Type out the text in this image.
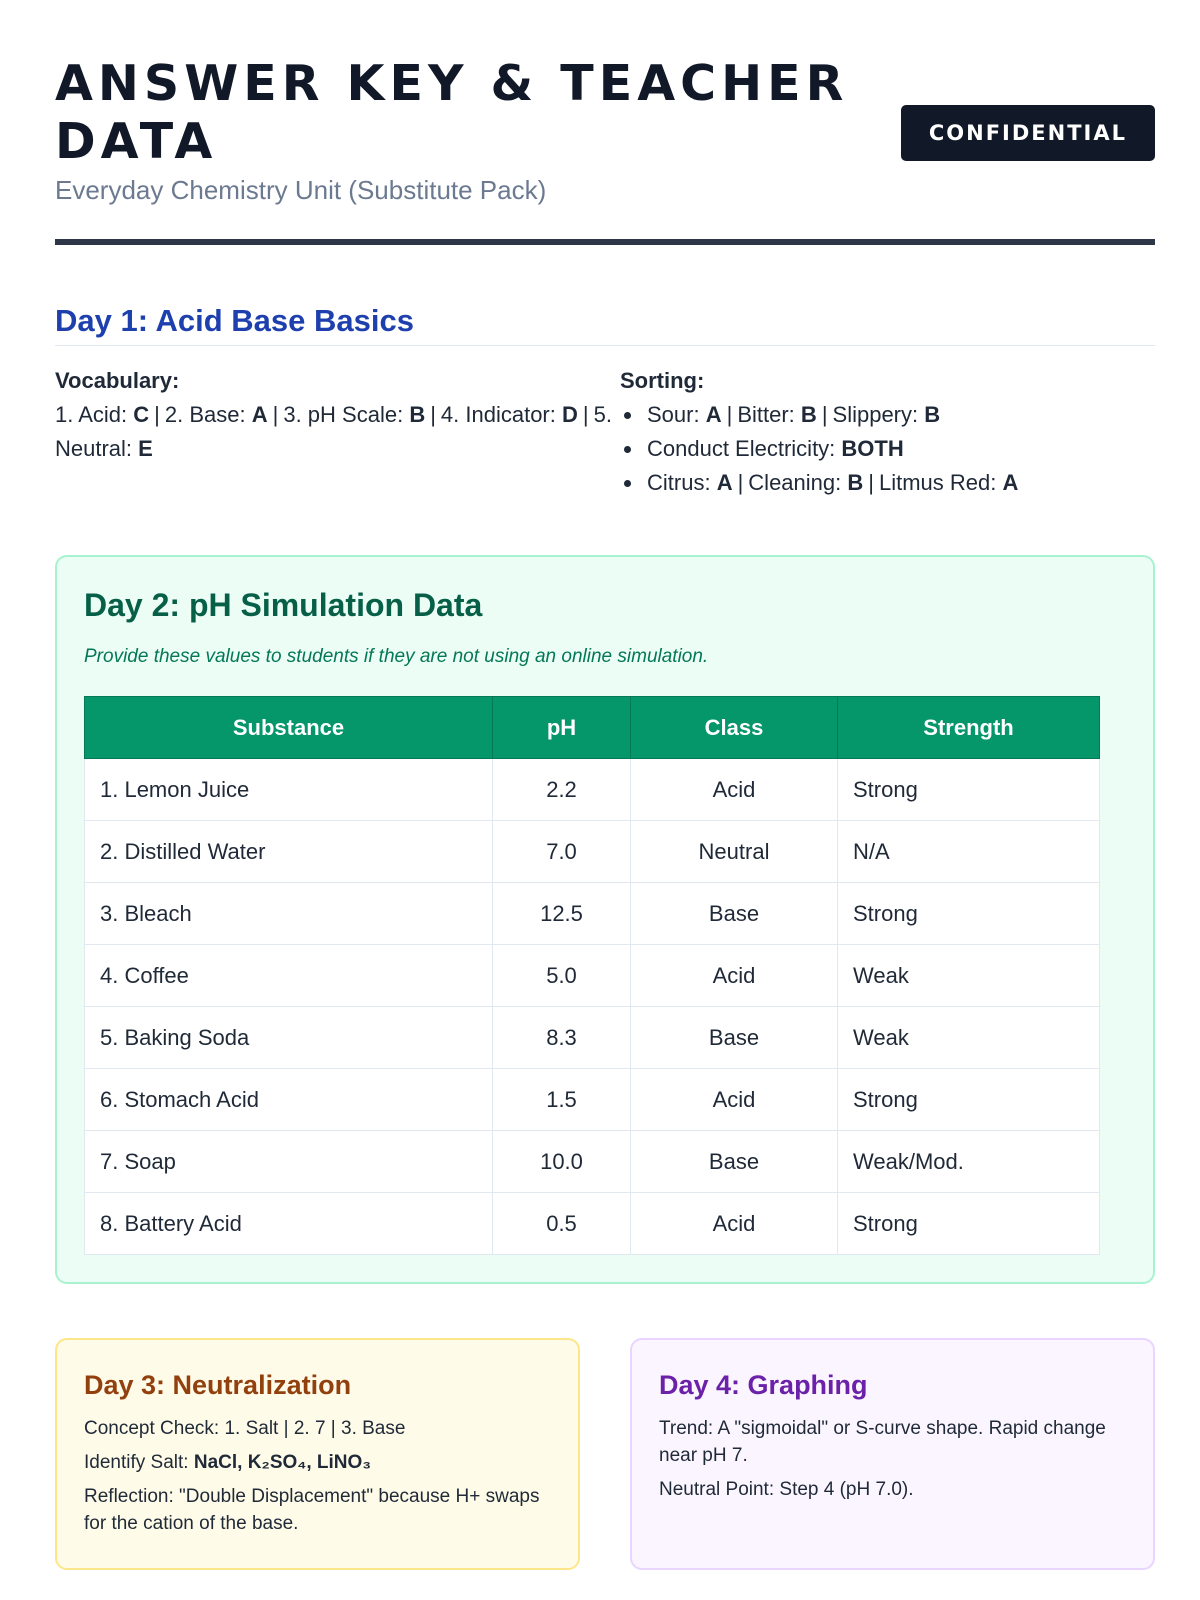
ANSWER KEY & TEACHER DATA
Everyday Chemistry Unit (Substitute Pack)
CONFIDENTIAL
Day 1: Acid Base Basics
Vocabulary:
1. Acid: C | 2. Base: A | 3. pH Scale: B | 4. Indicator: D | 5. Neutral: E
Sorting:
Sour: A | Bitter: B | Slippery: B
Conduct Electricity: BOTH
Citrus: A | Cleaning: B | Litmus Red: A
Day 2: pH Simulation Data
Provide these values to students if they are not using an online simulation.
Substance	pH	Class	Strength
1. Lemon Juice	2.2	Acid	Strong
2. Distilled Water	7.0	Neutral	N/A
3. Bleach	12.5	Base	Strong
4. Coffee	5.0	Acid	Weak
5. Baking Soda	8.3	Base	Weak
6. Stomach Acid	1.5	Acid	Strong
7. Soap	10.0	Base	Weak/Mod.
8. Battery Acid	0.5	Acid	Strong
Day 3: Neutralization

Concept Check: 1. Salt | 2. 7 | 3. Base

Identify Salt: NaCl, K₂SO₄, LiNO₃

Reflection: "Double Displacement" because H+ swaps for the cation of the base.

Day 4: Graphing

Trend: A "sigmoidal" or S-curve shape. Rapid change near pH 7.

Neutral Point: Step 4 (pH 7.0).
